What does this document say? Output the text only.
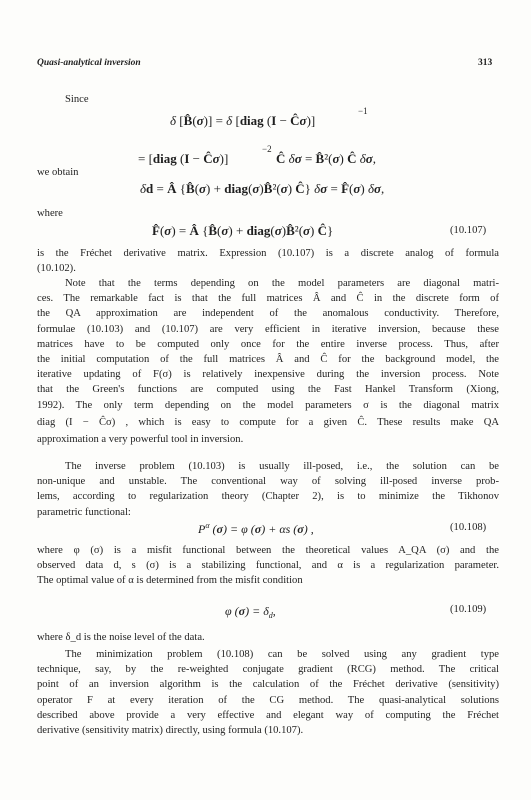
Quasi-analytical inversion	313
Since
δ [B̂(σ)] = δ [diag (I − Ĉσ)]
−1
= [diag (I − Ĉσ)]
−2
Ĉ δσ = B̂²(σ) Ĉ δσ,
we obtain
δd = Â {B̂(σ) + diag(σ)B̂²(σ) Ĉ} δσ = F̂(σ) δσ,
where
F̂(σ) = Â {B̂(σ) + diag(σ)B̂²(σ) Ĉ}	(10.107)
is the Fréchet derivative matrix. Expression (10.107) is a discrete analog of formula
(10.102).
Note that the terms depending on the model parameters are diagonal matri-
ces. The remarkable fact is that the full matrices Â and Ĉ in the discrete form of
the QA approximation are independent of the anomalous conductivity. Therefore,
formulae (10.103) and (10.107) are very efficient in iterative inversion, because these
matrices have to be computed only once for the entire inverse process. Thus, after
the initial computation of the full matrices Â and Ĉ for the background model, the
iterative updating of F(σ) is relatively inexpensive during the inversion process. Note
that the Green's functions are computed using the Fast Hankel Transform (Xiong,
1992). The only term depending on the model parameters σ is the diagonal matrix
diag (I − Ĉσ) , which is easy to compute for a given Ĉ. These results make QA
approximation a very powerful tool in inversion.
The inverse problem (10.103) is usually ill-posed, i.e., the solution can be
non-unique and unstable. The conventional way of solving ill-posed inverse prob-
lems, according to regularization theory (Chapter 2), is to minimize the Tikhonov
parametric functional:
$P^\alpha$ (σ) = φ (σ) + αs (σ) ,	(10.108)
where φ (σ) is a misfit functional between the theoretical values A_QA (σ) and the
observed data d, s (σ) is a stabilizing functional, and α is a regularization parameter.
The optimal value of α is determined from the misfit condition
φ $(\sigma) = \delta_d$,	(10.109)
where δ_d is the noise level of the data.
The minimization problem (10.108) can be solved using any gradient type
technique, say, by the re-weighted conjugate gradient (RCG) method. The critical
point of an inversion algorithm is the calculation of the Fréchet derivative (sensitivity)
operator F at every iteration of the CG method. The quasi-analytical solutions
described above provide a very effective and elegant way of computing the Fréchet
derivative (sensitivity matrix) directly, using formula (10.107).
